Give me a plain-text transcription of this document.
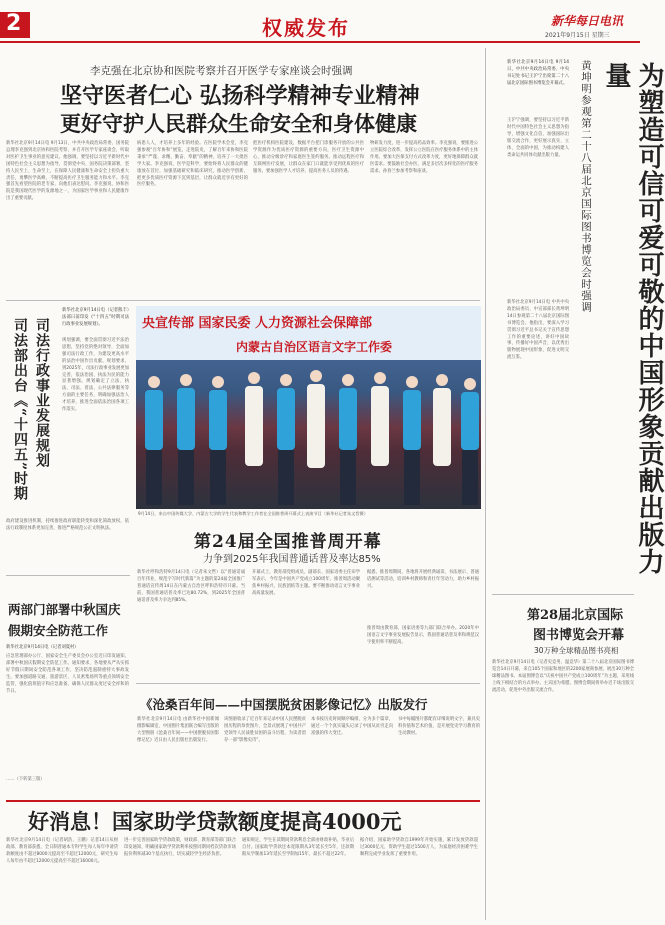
2	权威发布	新华每日电讯
2021年9月15日 星期三
李克强在北京协和医院考察并召开医学专家座谈会时强调
坚守医者仁心 弘扬科学精神专业精神
更好守护人民群众生命安全和身体健康
新华社北京9月14日电 9月13日，中共中央政治局常委、国务院总理李克强到北京协和医院考察，并召开医学专家座谈会，听取对医护卫生事业的意见建议。他强调，要坚持以习近平新时代中国特色社会主义思想为指导，贯彻党中央、国务院决策部署，坚持人民至上、生命至上，在保障人民健康和生命安全上担负重大责任，勇攀医学高峰，不断提高医疗卫生服务能力和水平。李克强首先看望医院的老专家，向他们表达慰问。李克强说，协和医院是我国现代医学的发源地之一，为国家医学事业和人民健康作出了重要贡献。
病患人人，才培养上多年的经验。在医院学术会堂，李克强参观“百年协和”展览，走进院史，了解百年来协和医院秉承“严谨、求精、勤奋、奉献”的精神，培养了一大批医学大家。李克强说，医学是科学，要始终将人民群众的健康放在首位，加强基础研究和临床研究，推动医学创新，把更多优质医疗资源下沉到基层，让群众就近享有更好的医疗服务。
把医疗机构医院建设，数据平台把门诊服务开放的公共医学资源作为优质医疗资源的重要方向，医疗卫生资源中心，推动分级诊疗和家庭医生签约服务。推动远程医疗和互联网医疗发展，让群众在家门口就能享受到优质的医疗服务。要加强医学人才培养，提高医务人员的待遇。
物研发力度，进一步提高药品效率。李克强说，要推进公立医院综合改革，发挥公立医院在医疗服务体系中的主体作用。要加大医保支付方式改革力度，更好地保障群众就医需求。要鼓励社会办医，满足多层次多样化的医疗服务需求。孙春兰参加考察和座谈。
司法部出台《“十四五”时期 司法行政事业发展规划
新华社北京9月14日电（记者熊丰）法部日前印发《“十四五”时期司法行政事业发展规划》。
规划强调，要全面贯彻习近平法治思想，坚持党的绝对领导，全面加强司法行政工作，为建设更高水平的法治中国作出贡献。规划要求，到2025年，司法行政事业发展更加完善，依法治国、执法为民的能力显著增强。规划确定了立法、执法、司法、普法、公共法律服务等方面的主要任务，明确加强法治人才培养，推进全面依法治国各项工作落实。
政府建设推进机制，持续推进政府职能转变和深化简政放权，依法行政制度体系更加完善，推进严格规范公正文明执法。
两部门部署中秋国庆
假期安全防范工作
新华社北京9月14日电（记者刘夏村）
应急管理部办公厅、国家安全生产委员会办公室近日印发通知，部署中秋国庆假期安全防范工作。通知要求，各地要从严从实抓好节假日期间安全防范各项工作，坚决防范遏制重特大事故发生。要加强道路交通、旅游景区、人员密集场所等重点领域安全监管，强化值班值守和应急准备，确保人民群众度过安全祥和的节日。
……（下转第三版）
央宣传部 国家民委 人力资源社会保障部
内蒙古自治区语言文字工作委
9月14日，来自中国传媒大学、内蒙古大学的学生代表和教学工作者在全国推普周开幕式上表演节目（新华社记者朱文哲摄）
第24届全国推普周开幕
力争到2025年我国普通话普及率达85%
新华社呼和浩特9月14日电（记者朱文哲）以“普通话诵百年伟业，规范字写时代新篇”为主题的第24届全国推广普通话宣传周14日在内蒙古自治区呼和浩特市开幕。当前，我国普通话普及率已达80.72%，到2025年全国普通话普及率力争达到85%。
开幕式上，教育部党组成员、副部长、国家语委主任田学军表示，今年是中国共产党成立100周年，推普周活动聚焦乡村振兴、民族团结等主题。要不断推动语言文字事业高质量发展。
据悉，推普周期间，各地将开展经典诵读、书法展示、普通话测试等活动，培训乡村教师和青壮年劳动力，助力乡村振兴。
推普周由教育部、国家语委等九部门联合举办。2020年中国语言文字事业发展报告显示，我国普通话普及率和规范汉字使用率不断提高。
《沧桑百年间——中国摆脱贫困影像记忆》出版发行
新华社北京9月14日电 由新华社中国新闻摄影编辑室、中国图片集团联合编写出版的大型图册《沧桑百年间——中国摆脱贫困影像记忆》近日由人民出版社出版发行。
该图册收录了近百年来记录中国人民摆脱贫困历程的珍贵图片，全景式展现了中国共产党领导人民战胜贫困的奋斗历程，为读者留存一部“影像史诗”。
本书按历史时间顺序编排，分为多个篇章，通过一个个真实镜头记录了中国从贫穷走向富强的伟大变迁。
书中每幅图片都配有详细说明文字，兼具史料价值和艺术价值，是开展党史学习教育的生动教材。
好消息！国家助学贷款额度提高4000元
新华社北京9月14日电（记者胡浩、王鹏）记者14日从财政部、教育部获悉，全日制普通本专科学生每人每年申请贷款额度由不超过8000元提高至不超过12000元，研究生每人每年由不超过12000元提高至不超过16000元。
进一步完善国家助学贷款政策，财政部、教育部等部门联合印发通知，明确国家助学贷款利率按照同期同档次贷款市场报价利率减30个基点执行，切实减轻学生经济负担。
通知规定，学生在读期间贷款利息全部由财政补贴，毕业后自付。国家助学贷款还本宽限期从3年延长至5年，还款期限从学制加13年延长至学制加15年、最长不超过22年。
据介绍，国家助学贷款自1999年开始实施，累计发放贷款超过3000亿元，资助学生超过1500万人，为家庭经济困难学生顺利完成学业发挥了重要作用。
新华社北京9月14日电 9月14日，中共中央政治局常委、中央书记处书记王沪宁出席第二十八届北京国际图书博览会开幕式。
王沪宁强调，要坚持以习近平新时代中国特色社会主义思想为指导，增强文化自信，加强国际出版交流合作，更好展示真实、立体、全面的中国，为推动构建人类命运共同体贡献出版力量。	黄坤明参观第二十八届北京国际图书博览会时强调	为塑造可信可爱可敬的中国形象贡献出版力量
新华社北京9月14日电 中共中央政治局委员、中宣部部长黄坤明14日参观第二十八届北京国际图书博览会。他指出，要深入学习贯彻习近平总书记关于宣传思想工作的重要论述，讲好中国故事、传播好中国声音，以优秀出版物展现中国形象，促进文明交流互鉴。
第28届北京国际
图书博览会开幕
30万种全球精品图书亮相
新华社北京9月14日电（记者史竞男、温竞华）第二十八届北京国际图书博览会14日开幕，来自105个国家和地区的2200家展商参展，展出30万种全球精品图书。本届图博会以“庆祝中国共产党成立100周年”为主题，采用线上线下相结合的方式举办。主宾国为希腊。图博会期间将举办近千场出版交流活动，促进中外出版交流合作。
